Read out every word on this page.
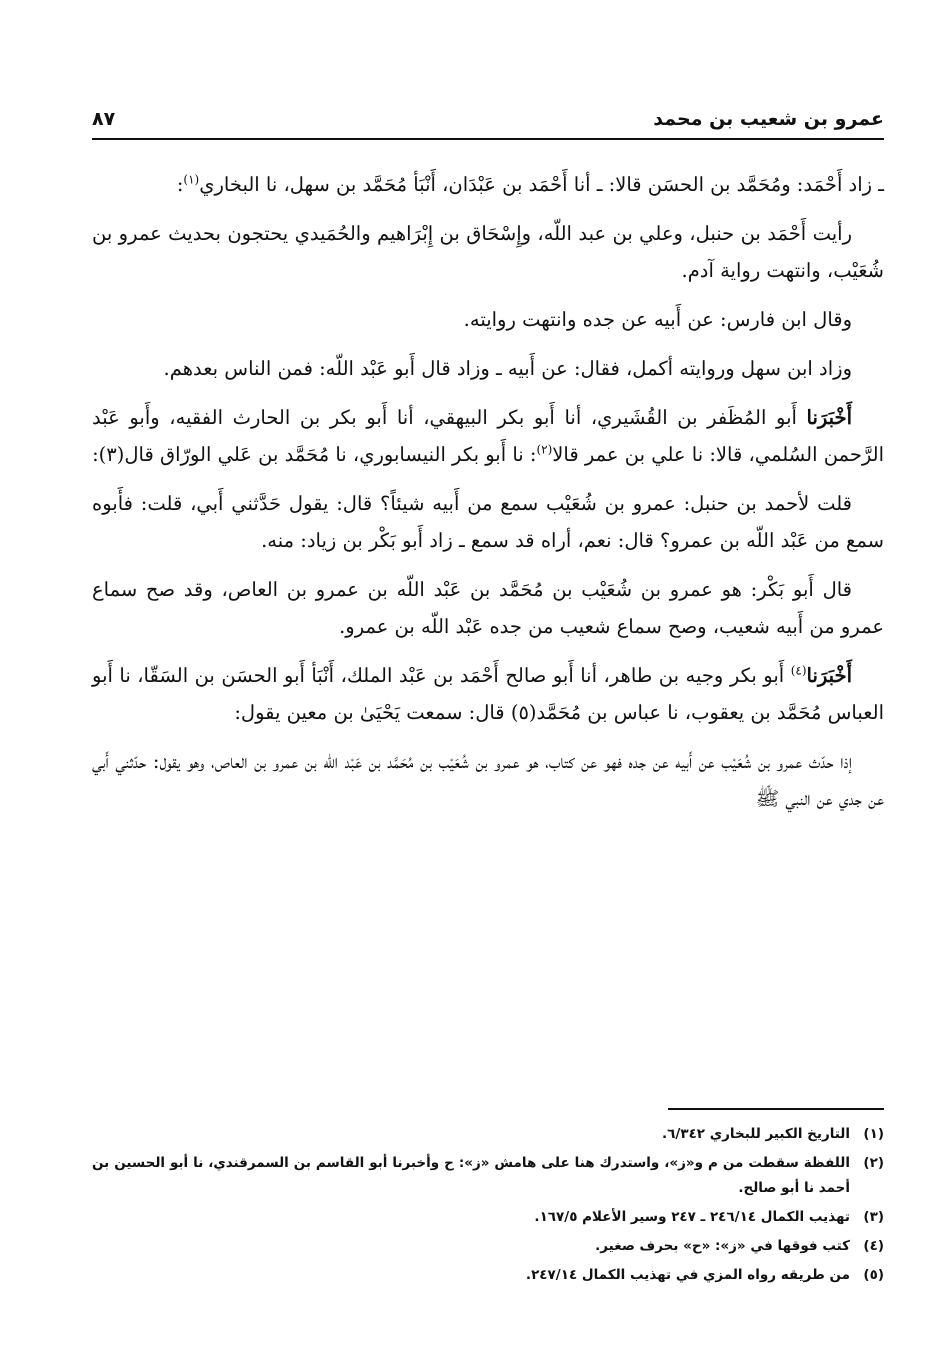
عمرو بن شعيب بن محمد
٨٧

ـ زاد أَحْمَد: ومُحَمَّد بن الحسَن قالا: ـ أنا أَحْمَد بن عَبْدَان، أَنْبَأ مُحَمَّد بن سهل، نا البخاري$^{(١)}$:

رأيت أَحْمَد بن حنبل، وعلي بن عبد اللّه، وإِسْحَاق بن إِبْرَاهيم والحُمَيدي يحتجون بحديث عمرو بن شُعَيْب، وانتهت رواية آدم.

وقال ابن فارس: عن أَبيه عن جده وانتهت روايته.

وزاد ابن سهل وروايته أكمل، فقال: عن أَبيه ـ وزاد قال أَبو عَبْد اللّه: فمن الناس بعدهم.

أَخْبَرَنا أَبو المُظَفر بن القُشَيري، أنا أَبو بكر البيهقي، أنا أَبو بكر بن الحارث الفقيه، وأَبو عَبْد الرَّحمن السُلمي، قالا: نا علي بن عمر قالا$^{(٢)}$: نا أَبو بكر النيسابوري، نا مُحَمَّد بن عَلي الورّاق قال(٣):

قلت لأحمد بن حنبل: عمرو بن شُعَيْب سمع من أَبيه شيئاً؟ قال: يقول حَدَّثني أَبي، قلت: فأَبوه سمع من عَبْد اللّه بن عمرو؟ قال: نعم، أراه قد سمع ـ زاد أَبو بَكْر بن زياد: منه.

قال أَبو بَكْر: هو عمرو بن شُعَيْب بن مُحَمَّد بن عَبْد اللّه بن عمرو بن العاص، وقد صح سماع عمرو من أَبيه شعيب، وصح سماع شعيب من جده عَبْد اللّه بن عمرو.

أَخْبَرَنا$^{(٤)}$ أَبو بكر وجيه بن طاهر، أنا أَبو صالح أَحْمَد بن عَبْد الملك، أَنْبَأ أَبو الحسَن بن السَقّا، نا أَبو العباس مُحَمَّد بن يعقوب، نا عباس بن مُحَمَّد(٥) قال: سمعت يَحْيَىٰ بن معين يقول:

إذا حدّث عمرو بن شُعَيْب عن أَبيه عن جده فهو عن كتاب، هو عمرو بن شُعَيْب بن مُحَمَّد بن عَبْد اللّه بن عمرو بن العاص، وهو يقول: حدّثني أَبي عن جدي عن النبي ﷺ

(١)
التاريخ الكبير للبخاري ٦/٣٤٢.
(٢)
اللفظة سقطت من م و«ز»، واستدرك هنا على هامش «ز»: ح وأخبرنا أبو القاسم بن السمرقندي، نا أبو الحسين بن أحمد نا أبو صالح.
(٣)
تهذيب الكمال ٢٤٦/١٤ ـ ٢٤٧ وسير الأعلام ١٦٧/٥.
(٤)
كتب فوقها في «ز»: «ح» بحرف صغير.
(٥)
من طريقه رواه المزي في تهذيب الكمال ٢٤٧/١٤.
